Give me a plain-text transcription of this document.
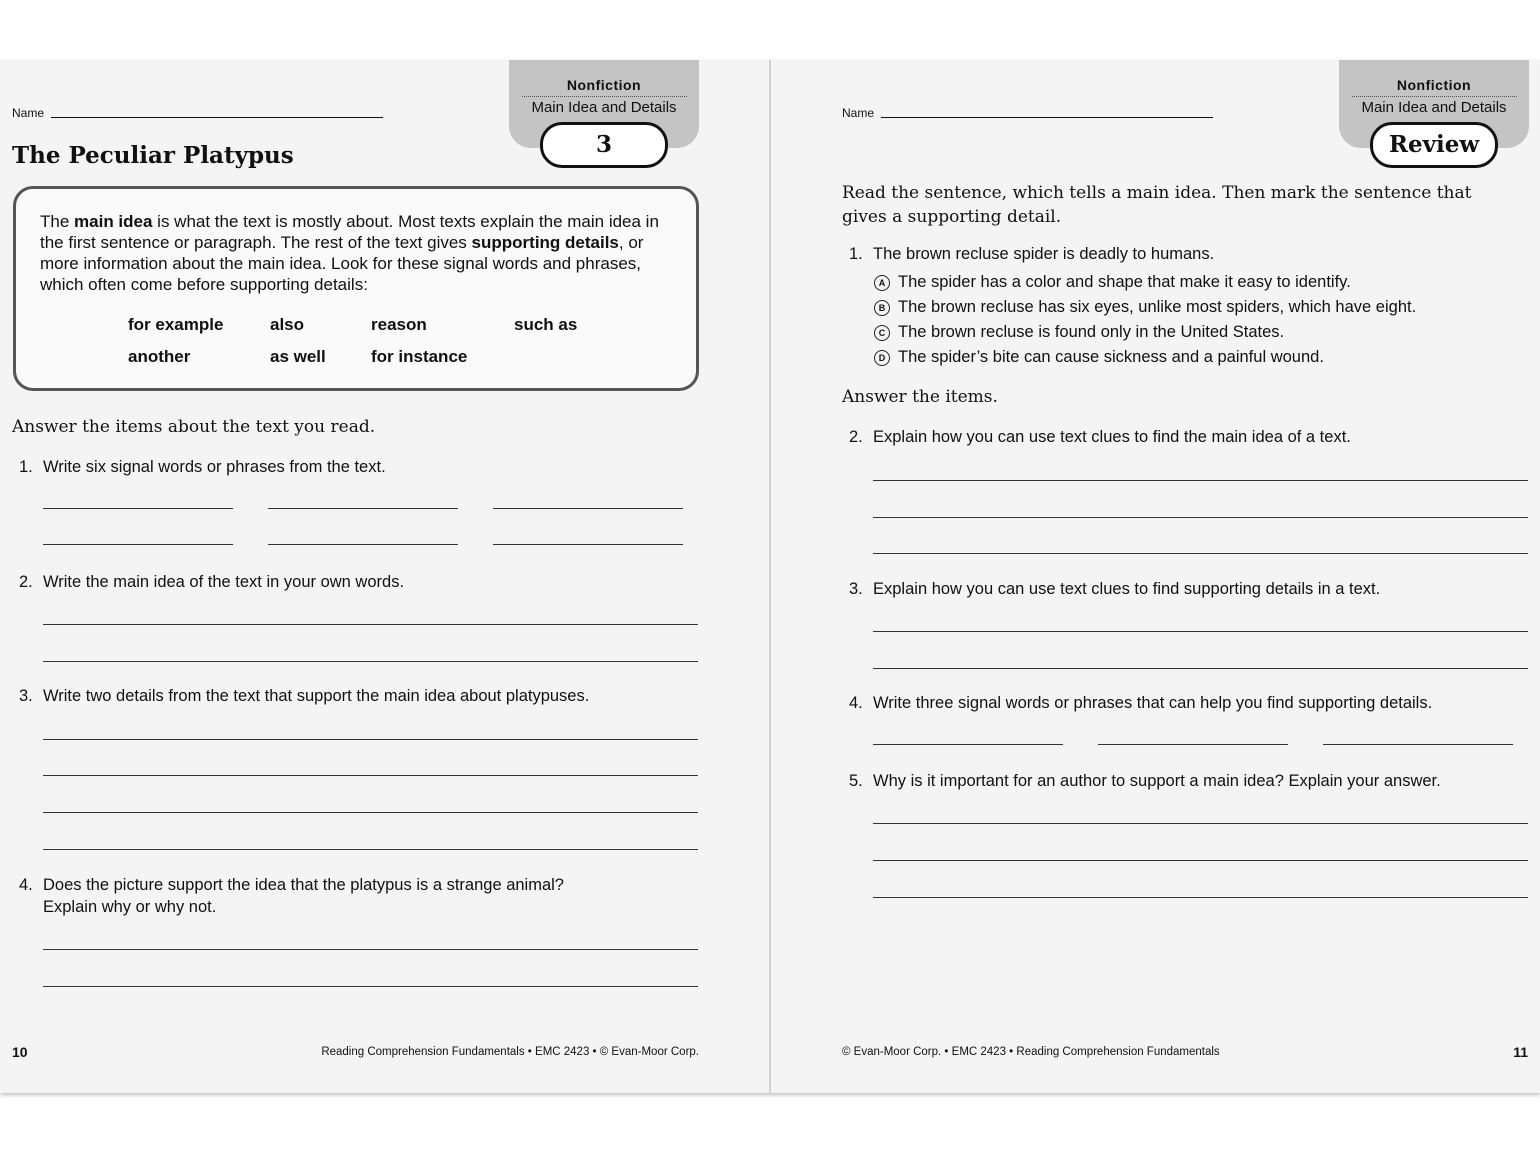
Nonfiction
Main Idea and Details
3
Name
The Peculiar Platypus
The main idea is what the text is mostly about. Most texts explain the main idea in the first sentence or paragraph. The rest of the text gives supporting details, or more information about the main idea. Look for these signal words and phrases, which often come before supporting details:
for example	also	reason	such as
another	as well	for instance
Answer the items about the text you read.
1. Write six signal words or phrases from the text.
2. Write the main idea of the text in your own words.
3. Write two details from the text that support the main idea about platypuses.
4. Does the picture support the idea that the platypus is a strange animal?
Explain why or why not.
10	Reading Comprehension Fundamentals • EMC 2423 • © Evan-Moor Corp.
Nonfiction
Main Idea and Details
Review
Name
Read the sentence, which tells a main idea. Then mark the sentence that
gives a supporting detail.
1. The brown recluse spider is deadly to humans.
A The spider has a color and shape that make it easy to identify.
B The brown recluse has six eyes, unlike most spiders, which have eight.
C The brown recluse is found only in the United States.
D The spider’s bite can cause sickness and a painful wound.
Answer the items.
2. Explain how you can use text clues to find the main idea of a text.
3. Explain how you can use text clues to find supporting details in a text.
4. Write three signal words or phrases that can help you find supporting details.
5. Why is it important for an author to support a main idea? Explain your answer.
© Evan-Moor Corp. • EMC 2423 • Reading Comprehension Fundamentals	11
